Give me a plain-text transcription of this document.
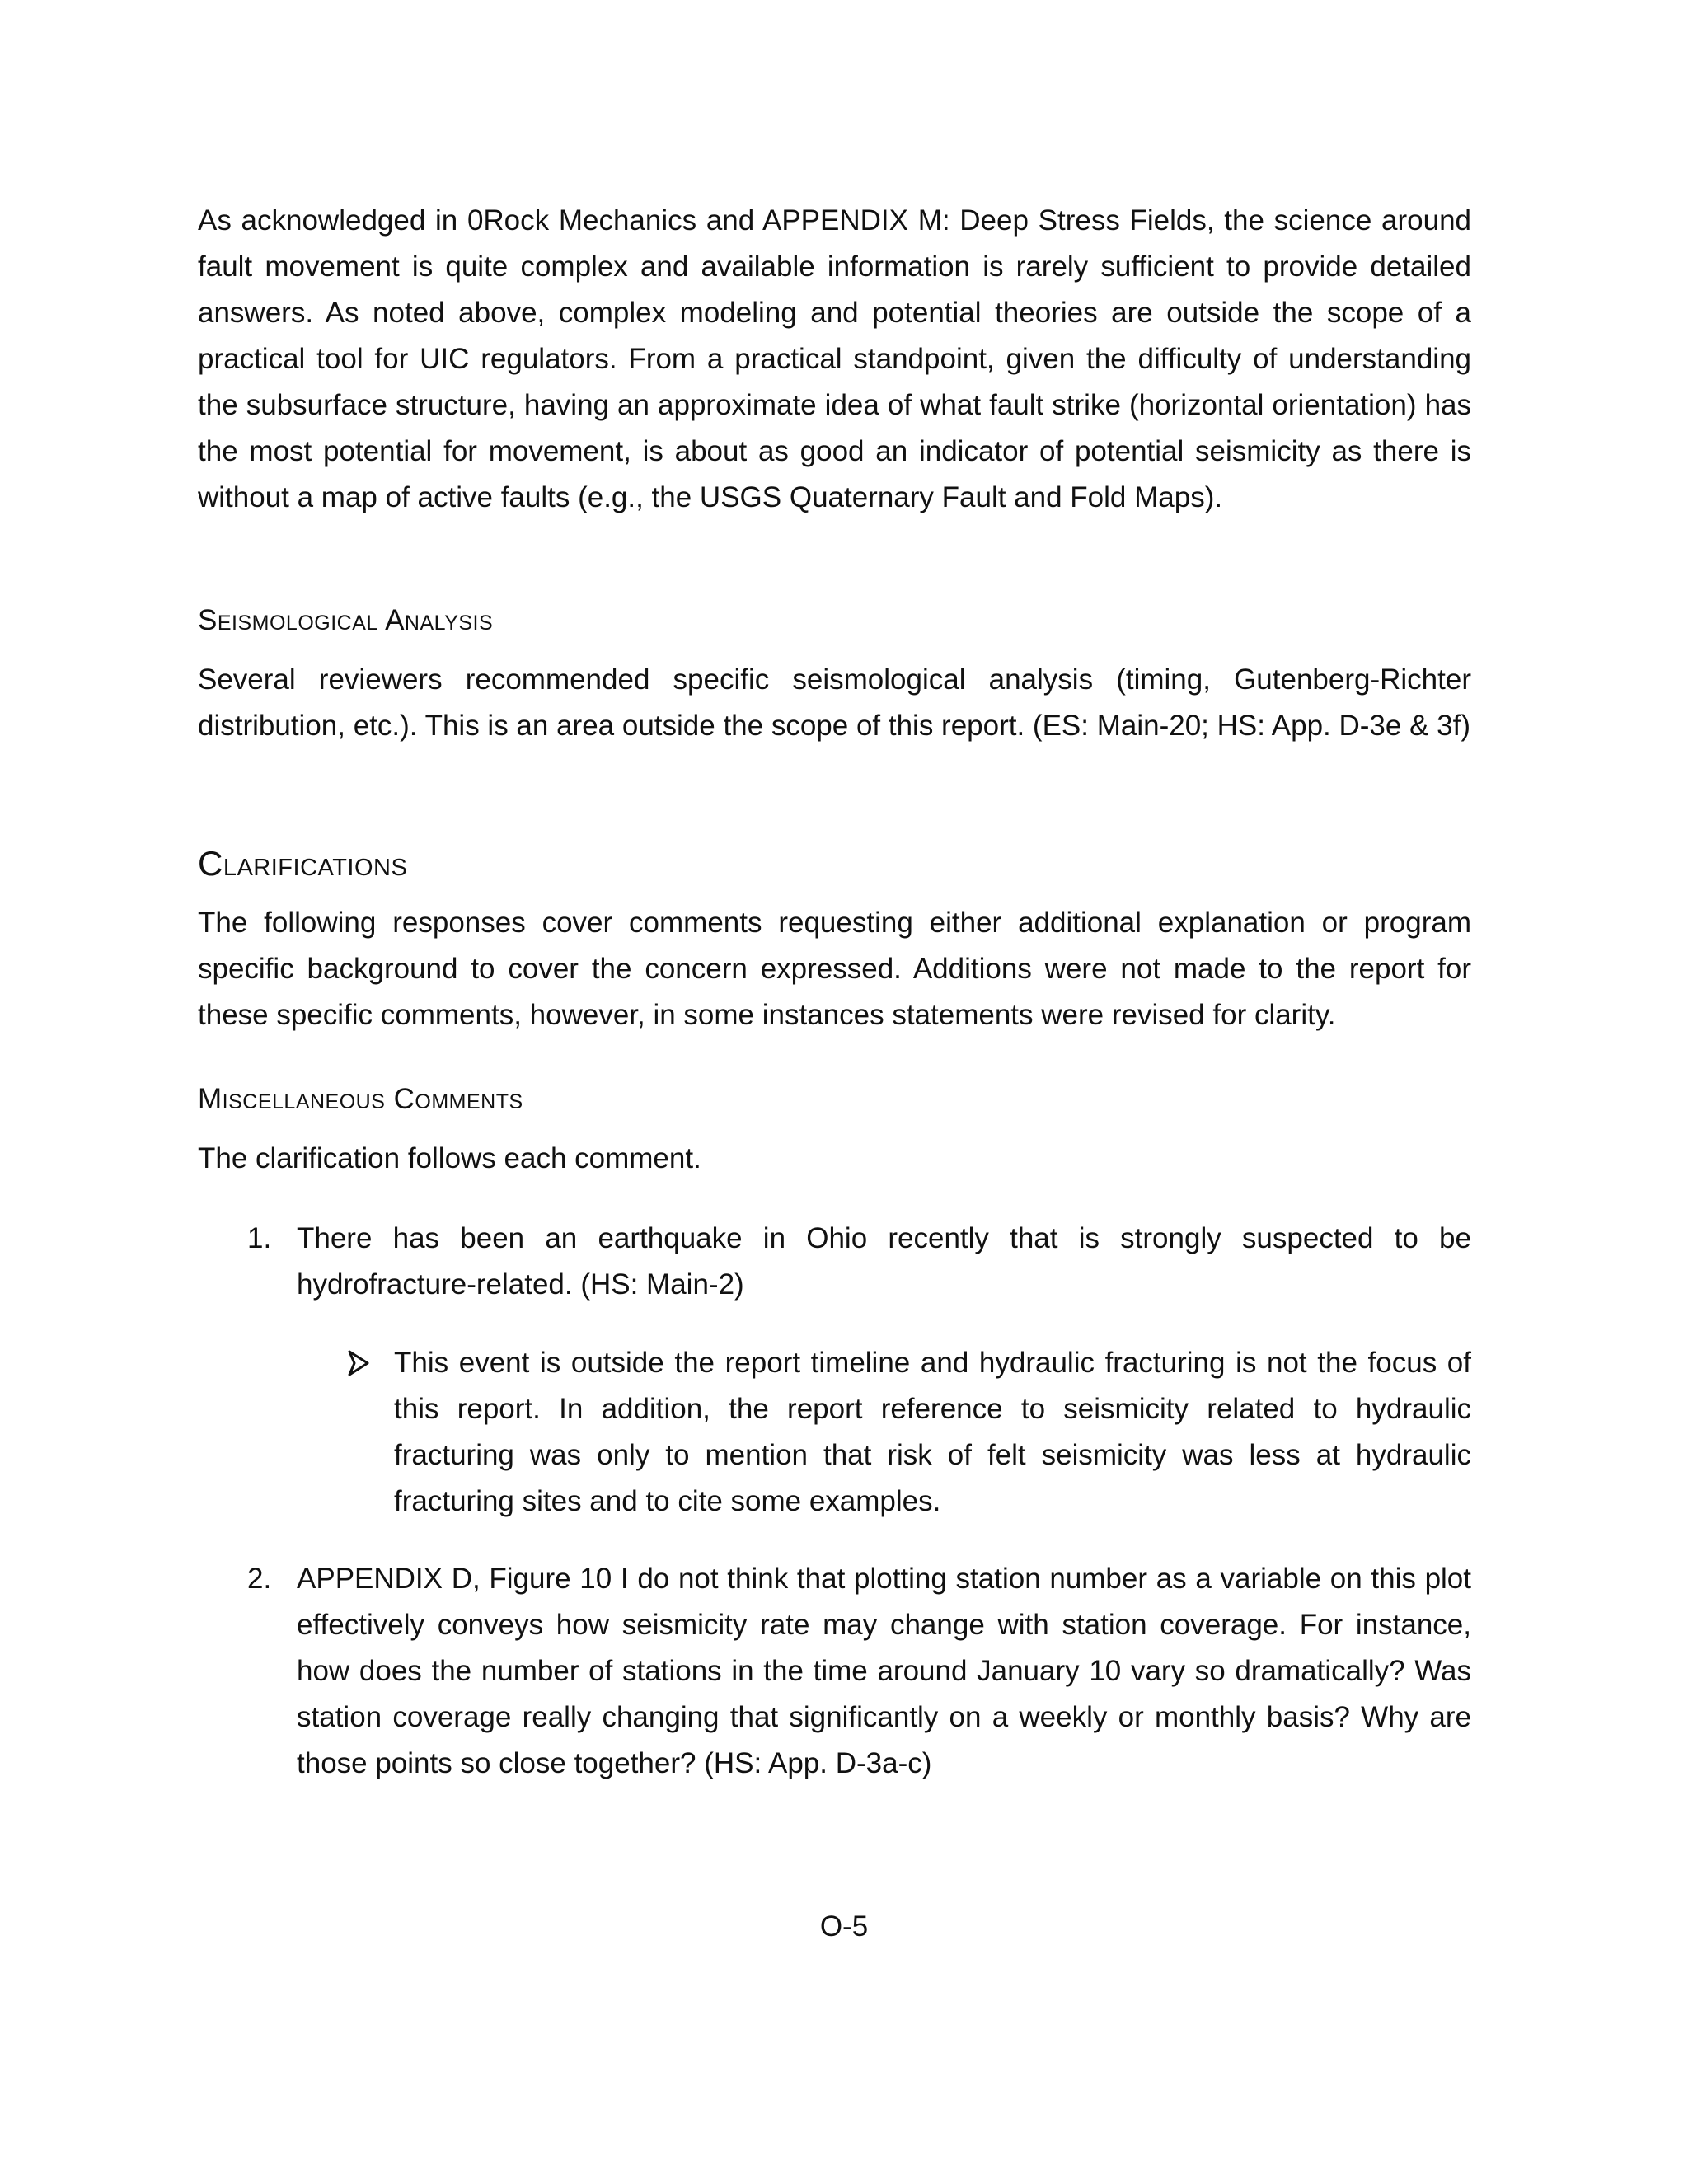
As acknowledged in 0Rock Mechanics and APPENDIX M: Deep Stress Fields, the science around fault movement is quite complex and available information is rarely sufficient to provide detailed answers. As noted above, complex modeling and potential theories are outside the scope of a practical tool for UIC regulators. From a practical standpoint, given the difficulty of understanding the subsurface structure, having an approximate idea of what fault strike (horizontal orientation) has the most potential for movement, is about as good an indicator of potential seismicity as there is without a map of active faults (e.g., the USGS Quaternary Fault and Fold Maps).

Seismological Analysis

Several reviewers recommended specific seismological analysis (timing, Gutenberg-Richter distribution, etc.). This is an area outside the scope of this report. (ES: Main-20; HS: App. D-3e & 3f)

Clarifications

The following responses cover comments requesting either additional explanation or program specific background to cover the concern expressed. Additions were not made to the report for these specific comments, however, in some instances statements were revised for clarity.

Miscellaneous Comments

The clarification follows each comment.

1. There has been an earthquake in Ohio recently that is strongly suspected to be hydrofracture-related. (HS: Main-2)

This event is outside the report timeline and hydraulic fracturing is not the focus of this report. In addition, the report reference to seismicity related to hydraulic fracturing was only to mention that risk of felt seismicity was less at hydraulic fracturing sites and to cite some examples.

2. APPENDIX D, Figure 10 I do not think that plotting station number as a variable on this plot effectively conveys how seismicity rate may change with station coverage. For instance, how does the number of stations in the time around January 10 vary so dramatically? Was station coverage really changing that significantly on a weekly or monthly basis? Why are those points so close together? (HS: App. D-3a-c)

O-5
